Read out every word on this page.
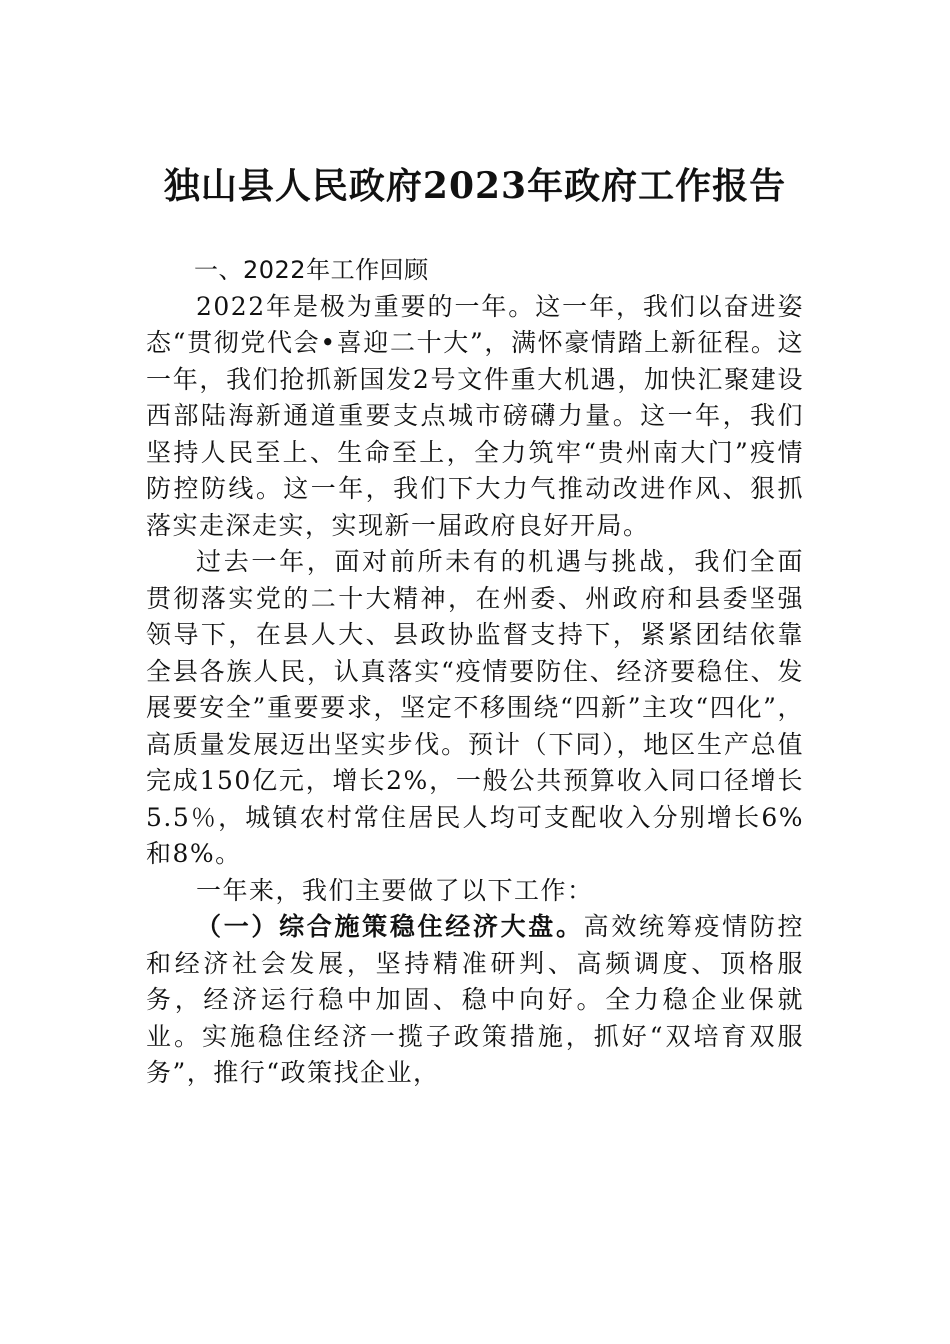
独山县人民政府2023年政府工作报告

一、2022年工作回顾

2022年是极为重要的一年。这一年，我们以奋进姿态“贯彻党代会•喜迎二十大”，满怀豪情踏上新征程。这一年，我们抢抓新国发2号文件重大机遇，加快汇聚建设西部陆海新通道重要支点城市磅礴力量。这一年，我们坚持人民至上、生命至上，全力筑牢“贵州南大门”疫情防控防线。这一年，我们下大力气推动改进作风、狠抓落实走深走实，实现新一届政府良好开局。

过去一年，面对前所未有的机遇与挑战，我们全面贯彻落实党的二十大精神，在州委、州政府和县委坚强领导下，在县人大、县政协监督支持下，紧紧团结依靠全县各族人民，认真落实“疫情要防住、经济要稳住、发展要安全”重要要求，坚定不移围绕“四新”主攻“四化”，高质量发展迈出坚实步伐。预计（下同），地区生产总值完成150亿元，增长2%，一般公共预算收入同口径增长5.5％，城镇农村常住居民人均可支配收入分别增长6%和8%。

一年来，我们主要做了以下工作：

（一）综合施策稳住经济大盘。高效统筹疫情防控和经济社会发展，坚持精准研判、高频调度、顶格服务，经济运行稳中加固、稳中向好。全力稳企业保就业。实施稳住经济一揽子政策措施，抓好“双培育双服务”，推行“政策找企业，
